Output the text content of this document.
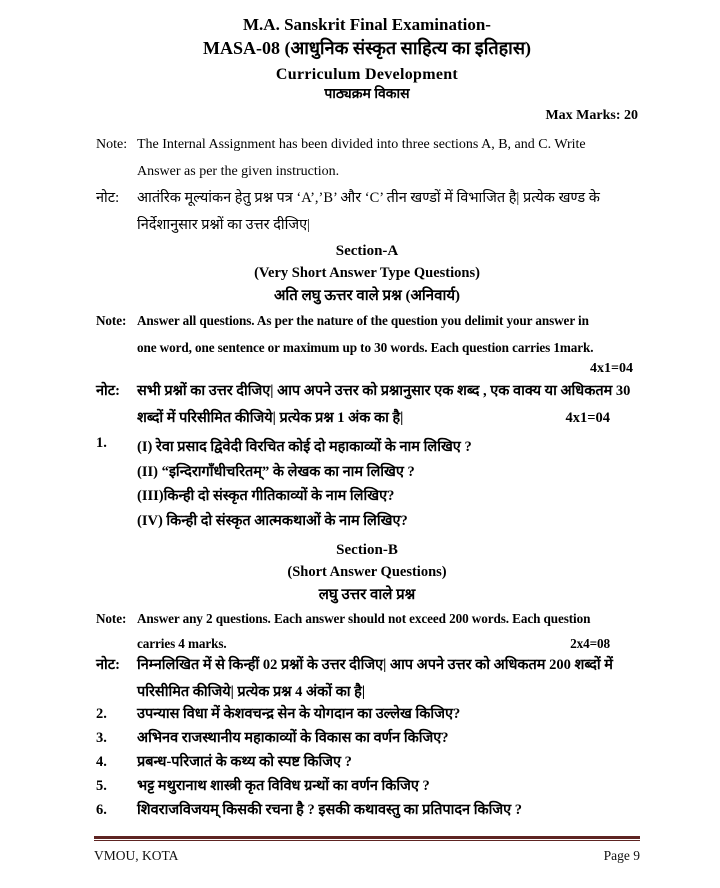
M.A. Sanskrit Final Examination-
MASA-08 (आधुनिक संस्कृत साहित्य का इतिहास)
Curriculum Development
पाठ्यक्रम विकास
Max Marks: 20
Note: The Internal Assignment has been divided into three sections A, B, and C. Write
Answer as per the given instruction.
नोट:	आतंरिक मूल्यांकन हेतु प्रश्न पत्र ‘A’,’B’ और ‘C’ तीन खण्डों में विभाजित है| प्रत्येक खण्ड के
निर्देशानुसार प्रश्नों का उत्तर दीजिए|
Section-A
(Very Short Answer Type Questions)
अति लघु ऊत्तर वाले प्रश्न (अनिवार्य)
Note: Answer all questions. As per the nature of the question you delimit your answer in
one word, one sentence or maximum up to 30 words. Each question carries 1mark.
4x1=04
नोट:	सभी प्रश्नों का उत्तर दीजिए| आप अपने उत्तर को प्रश्नानुसार एक शब्द , एक वाक्य या अधिकतम 30
शब्दों में परिसीमित कीजिये| प्रत्येक प्रश्न 1 अंक का है|	4x1=04
1.	(I) रेवा प्रसाद द्विवेदी विरचित कोई दो महाकाव्यों के नाम लिखिए ?
(II) “इन्दिरागाँधीचरितम्” के लेखक का नाम लिखिए ?
(III)किन्ही दो संस्कृत गीतिकाव्यों के नाम लिखिए?
(IV) किन्ही दो संस्कृत आत्मकथाओं के नाम लिखिए?
Section-B
(Short Answer Questions)
लघु उत्तर वाले प्रश्न
Note: Answer any 2 questions. Each answer should not exceed 200 words. Each question
carries 4 marks.	2x4=08
नोट:	निम्नलिखित में से किन्हीं 02 प्रश्नों के उत्तर दीजिए| आप अपने उत्तर को अधिकतम 200 शब्दों में
परिसीमित कीजिये| प्रत्येक प्रश्न 4 अंकों का है|
2.	उपन्यास विधा में केशवचन्द्र सेन के योगदान का उल्लेख किजिए?
3.	अभिनव राजस्थानीय महाकाव्यों के विकास का वर्णन किजिए?
4.	प्रबन्ध-परिजातं के कथ्य को स्पष्ट किजिए ?
5.	भट्ट मथुरानाथ शास्त्री कृत विविध ग्रन्थों का वर्णन किजिए ?
6.	शिवराजविजयम् किसकी रचना है ? इसकी कथावस्तु का प्रतिपादन किजिए ?
VMOU, KOTA	Page 9
